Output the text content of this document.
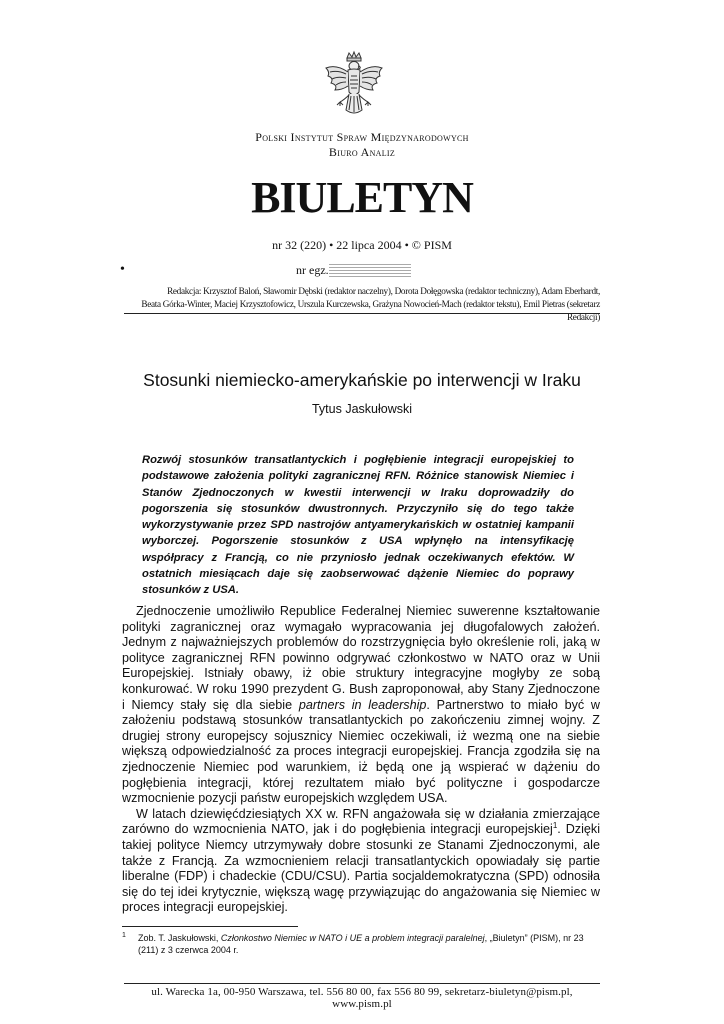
Polski Instytut Spraw Międzynarodowych
Biuro Analiz
BIULETYN
nr 32 (220) • 22 lipca 2004 • © PISM
•	nr egz.
Redakcja: Krzysztof Baloń, Sławomir Dębski (redaktor naczelny), Dorota Dołęgowska (redaktor techniczny), Adam Eberhardt,
Beata Górka-Winter, Maciej Krzysztofowicz, Urszula Kurczewska, Grażyna Nowocień-Mach (redaktor tekstu), Emil Pietras (sekretarz Redakcji)
Stosunki niemiecko-amerykańskie po interwencji w Iraku
Tytus Jaskułowski
Rozwój stosunków transatlantyckich i pogłębienie integracji europejskiej to podstawowe założenia polityki zagranicznej RFN. Różnice stanowisk Niemiec i Stanów Zjednoczonych w kwestii interwencji w Iraku doprowadziły do pogorszenia się stosunków dwustronnych. Przyczyniło się do tego także wykorzystywanie przez SPD nastrojów antyamerykańskich w ostatniej kampanii wyborczej. Pogorszenie stosunków z USA wpłynęło na intensyfikację współpracy z Francją, co nie przyniosło jednak oczekiwanych efektów. W ostatnich miesiącach daje się zaobserwować dążenie Niemiec do poprawy stosunków z USA.

Zjednoczenie umożliwiło Republice Federalnej Niemiec suwerenne kształtowanie polityki zagranicznej oraz wymagało wypracowania jej długofalowych założeń. Jednym z najważniejszych problemów do rozstrzygnięcia było określenie roli, jaką w polityce zagranicznej RFN powinno odgrywać członkostwo w NATO oraz w Unii Europejskiej. Istniały obawy, iż obie struktury integracyjne mogłyby ze sobą konkurować. W roku 1990 prezydent G. Bush zaproponował, aby Stany Zjednoczone i Niemcy stały się dla siebie partners in leadership. Partnerstwo to miało być w założeniu podstawą stosunków transatlantyckich po zakończeniu zimnej wojny. Z drugiej strony europejscy sojusznicy Niemiec oczekiwali, iż wezmą one na siebie większą odpowiedzialność za proces integracji europejskiej. Francja zgodziła się na zjednoczenie Niemiec pod warunkiem, iż będą one ją wspierać w dążeniu do pogłębienia integracji, której rezultatem miało być polityczne i gospodarcze wzmocnienie pozycji państw europejskich względem USA.

W latach dziewięćdziesiątych XX w. RFN angażowała się w działania zmierzające zarówno do wzmocnienia NATO, jak i do pogłębienia integracji europejskiej$^1$. Dzięki takiej polityce Niemcy utrzymywały dobre stosunki ze Stanami Zjednoczonymi, ale także z Francją. Za wzmocnieniem relacji transatlantyckich opowiadały się partie liberalne (FDP) i chadeckie (CDU/CSU). Partia socjaldemokratyczna (SPD) odnosiła się do tej idei krytycznie, większą wagę przywiązując do angażowania się Niemiec w proces integracji europejskiej.

1 Zob. T. Jaskułowski, Członkostwo Niemiec w NATO i UE a problem integracji paralelnej, „Biuletyn” (PISM), nr 23 (211) z 3 czerwca 2004 r.
ul. Warecka 1a, 00-950 Warszawa, tel. 556 80 00, fax 556 80 99, sekretarz-biuletyn@pism.pl, www.pism.pl
